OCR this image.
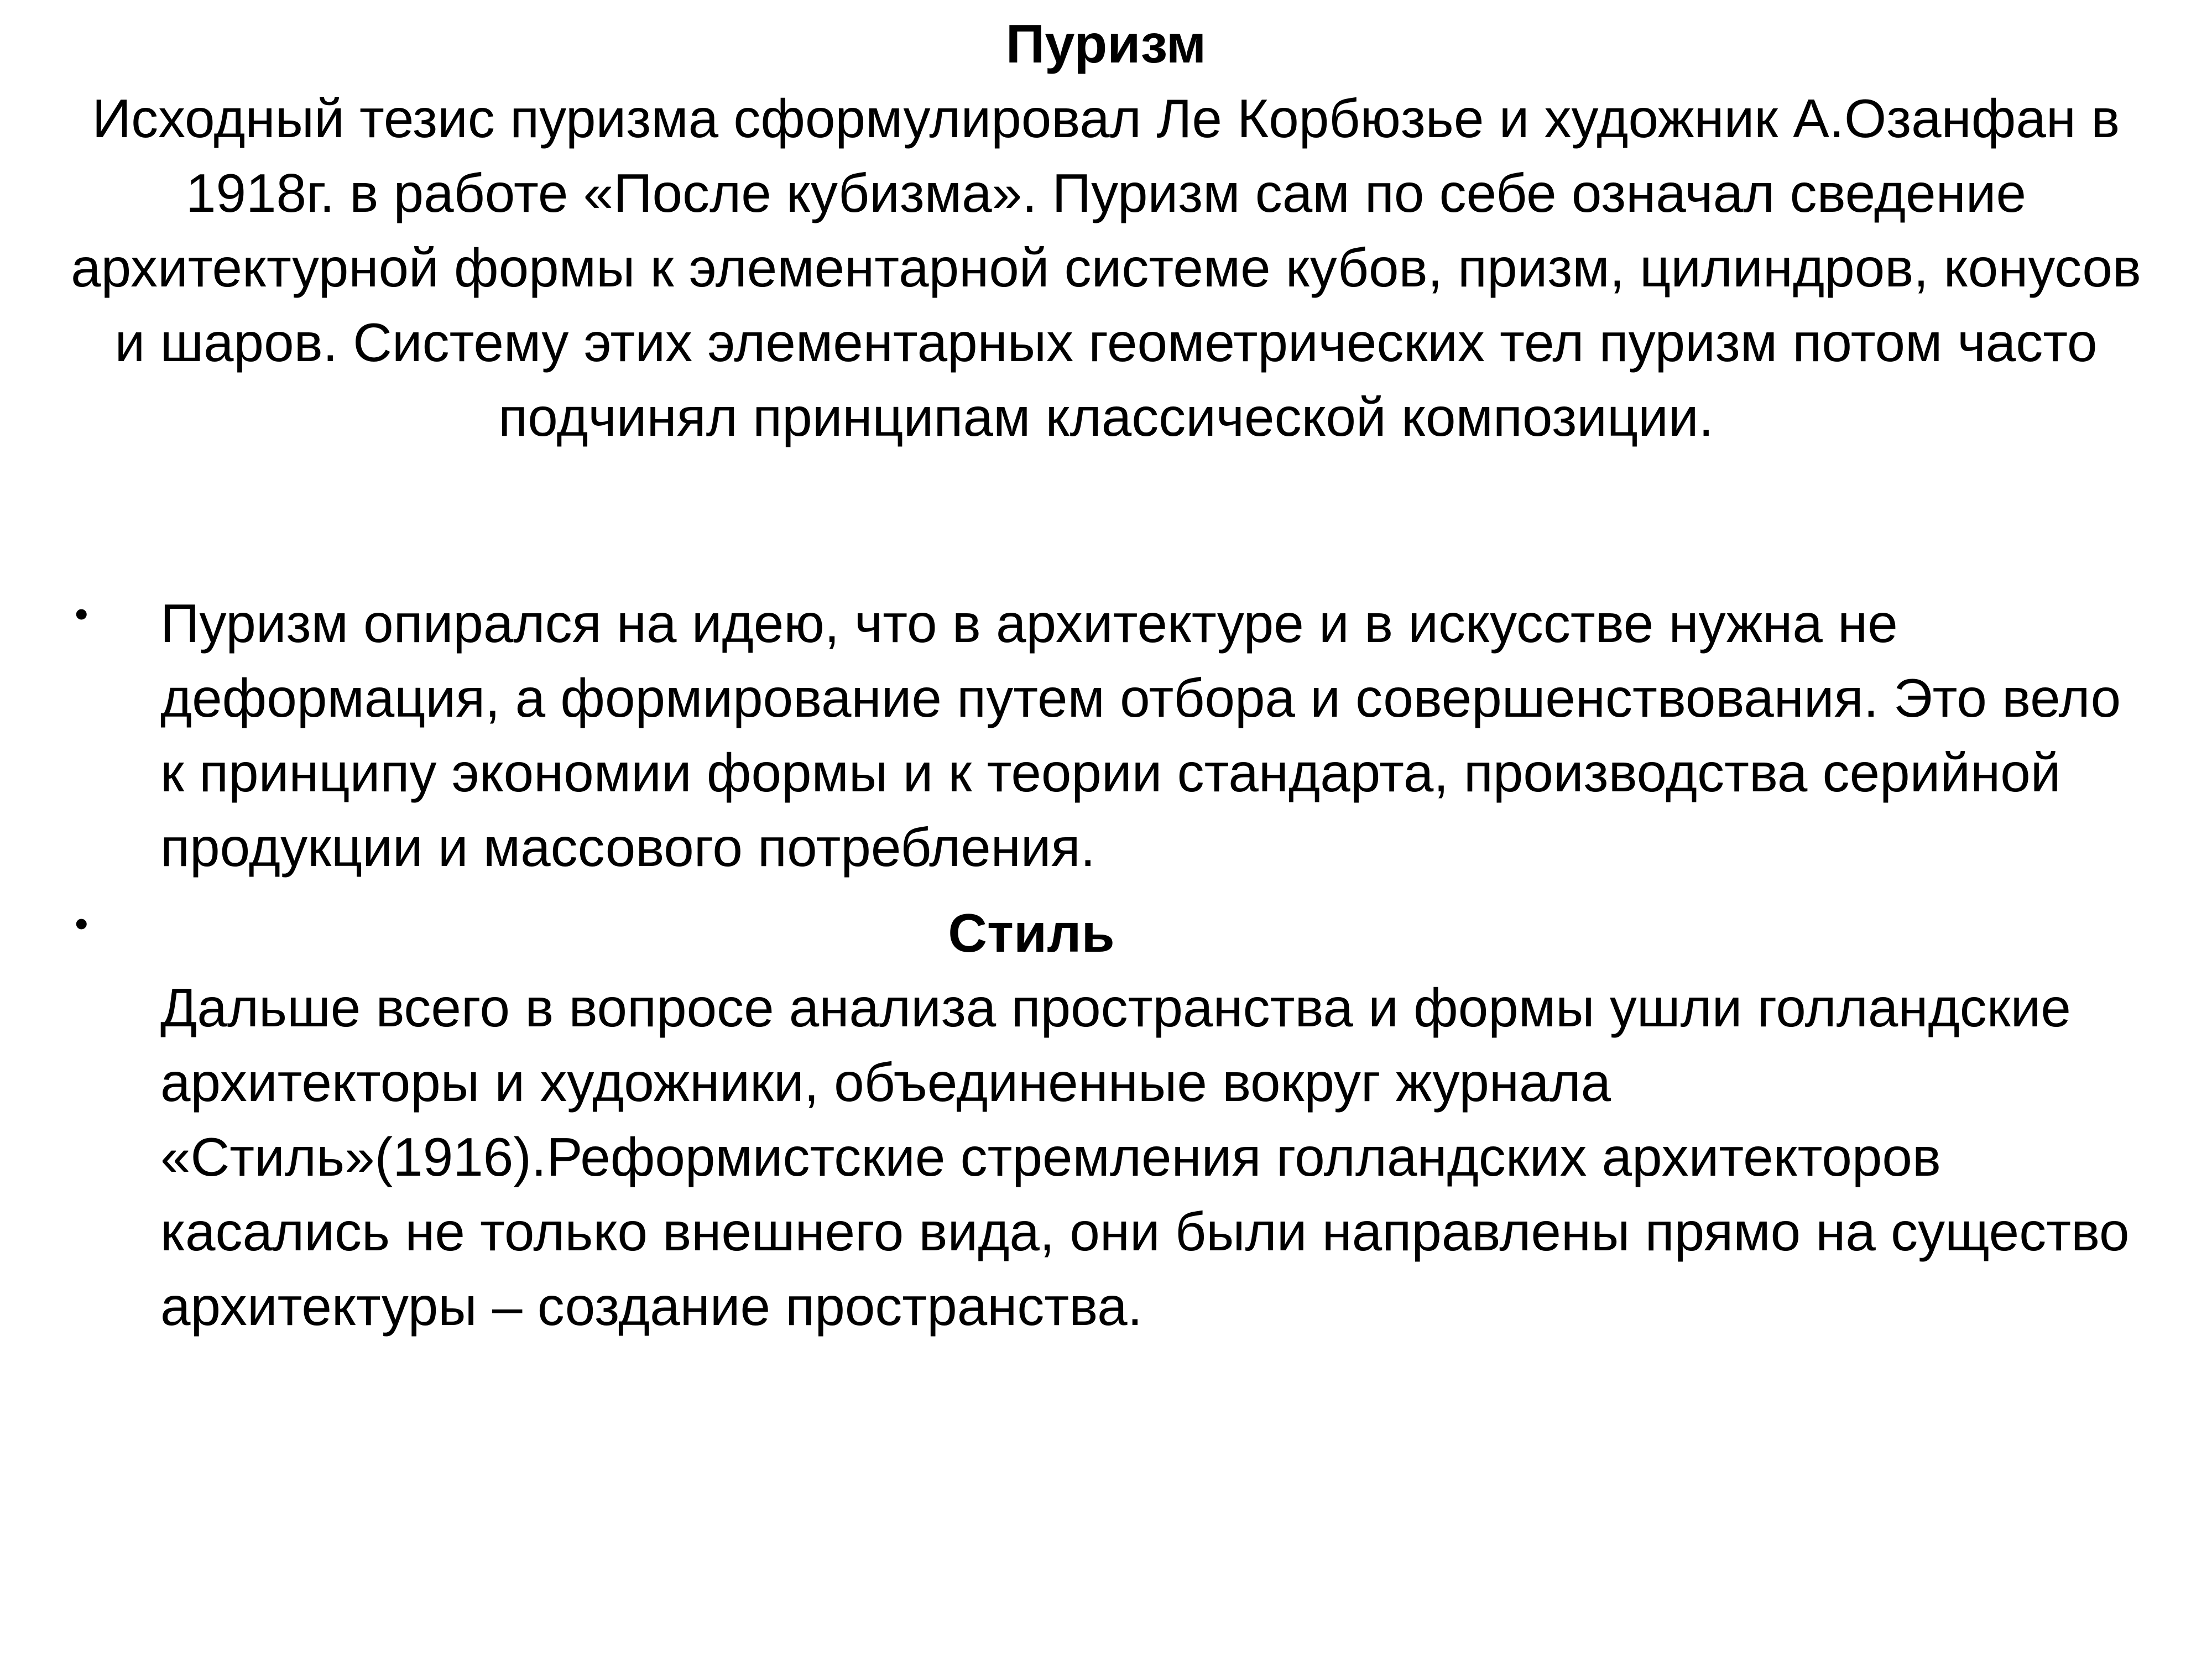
Пуризм
Исходный тезис пуризма сформулировал Ле Корбюзье и художник А.Озанфан в 1918г. в работе «После кубизма». Пуризм сам по себе означал сведение архитектурной формы к элементарной системе кубов, призм, цилиндров, конусов и шаров. Систему этих элементарных геометрических тел пуризм потом часто подчинял принципам классической композиции.
•	Пуризм опирался на идею, что в архитектуре и в искусстве нужна не деформация, а формирование путем отбора и совершенствования. Это вело к принципу экономии формы и к теории стандарта, производства серийной продукции и массового потребления.
•	Стиль
Дальше всего в вопросе анализа пространства и формы ушли голландские архитекторы и художники, объединенные вокруг журнала «Стиль»(1916).Реформистские стремления голландских архитекторов касались не только внешнего вида, они были направлены прямо на существо архитектуры – создание пространства.
